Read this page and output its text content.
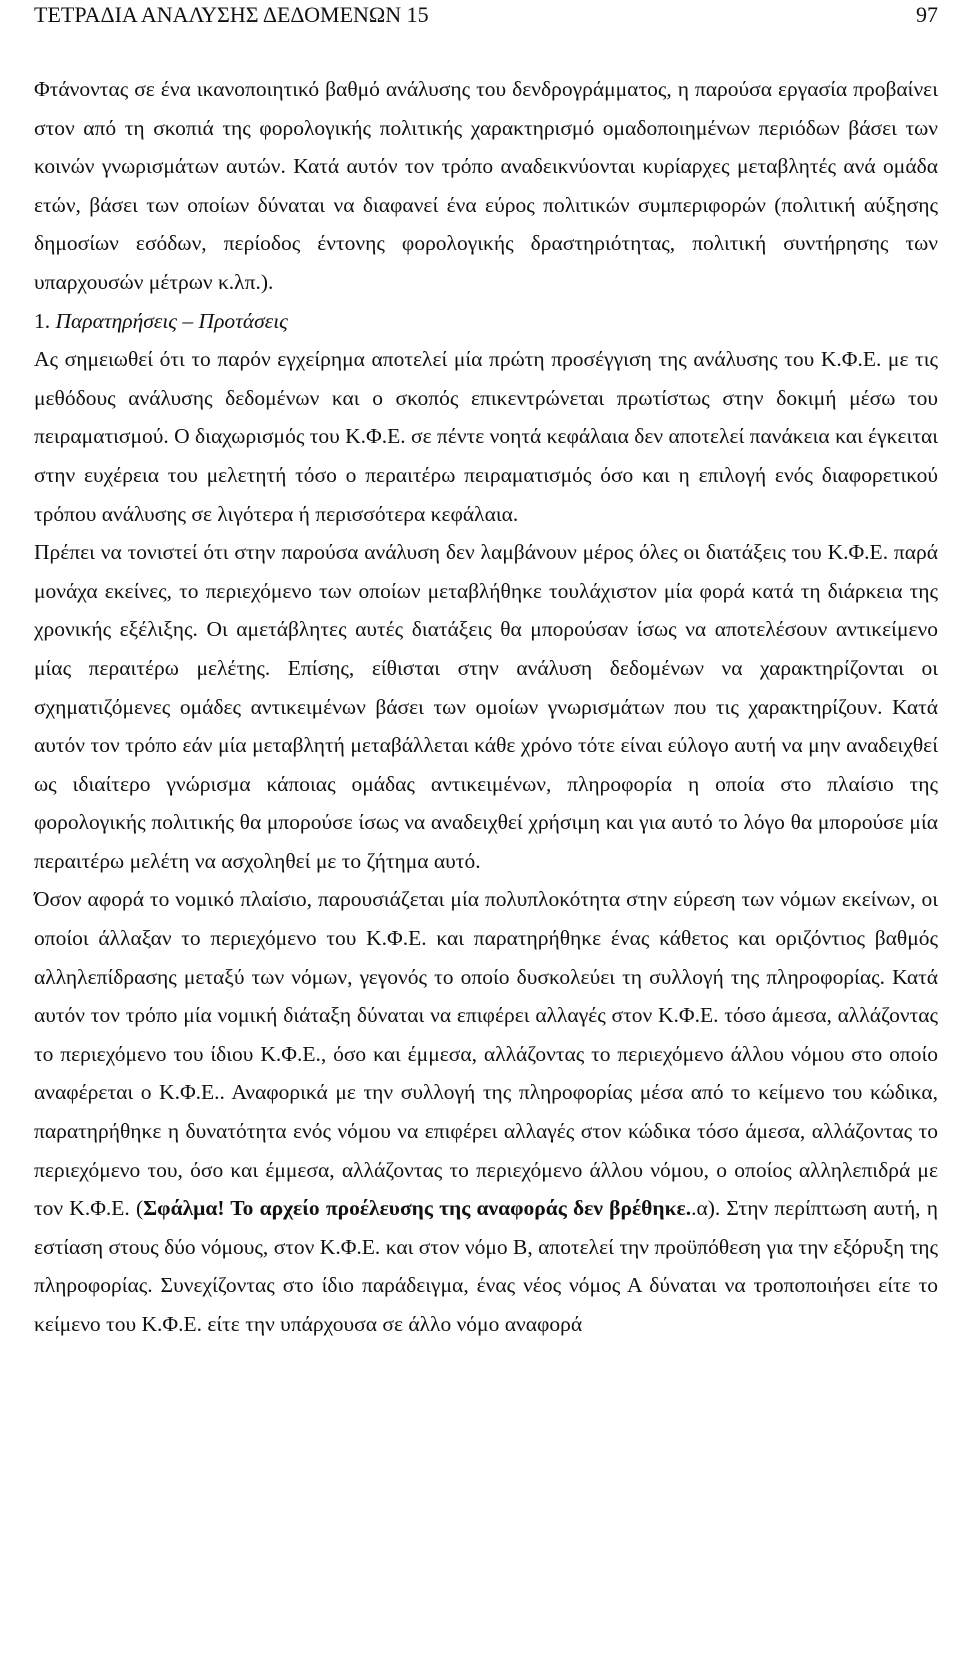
ΤΕΤΡΑΔΙΑ ΑΝΑΛΥΣΗΣ ΔΕΔΟΜΕΝΩΝ 15	97

Φτάνοντας σε ένα ικανοποιητικό βαθμό ανάλυσης του δενδρογράμματος, η παρούσα εργασία προβαίνει στον από τη σκοπιά της φορολογικής πολιτικής χαρακτηρισμό ομαδοποιημένων περιόδων βάσει των κοινών γνωρισμάτων αυτών. Κατά αυτόν τον τρόπο αναδεικνύονται κυρίαρχες μεταβλητές ανά ομάδα ετών, βάσει των οποίων δύναται να διαφανεί ένα εύρος πολιτικών συμπεριφορών (πολιτική αύξησης δημοσίων εσόδων, περίοδος έντονης φορολογικής δραστηριότητας, πολιτική συντήρησης των υπαρχουσών μέτρων κ.λπ.).

1. Παρατηρήσεις – Προτάσεις

Ας σημειωθεί ότι το παρόν εγχείρημα αποτελεί μία πρώτη προσέγγιση της ανάλυσης του Κ.Φ.Ε. με τις μεθόδους ανάλυσης δεδομένων και ο σκοπός επικεντρώνεται πρωτίστως στην δοκιμή μέσω του πειραματισμού. Ο διαχωρισμός του Κ.Φ.Ε. σε πέντε νοητά κεφάλαια δεν αποτελεί πανάκεια και έγκειται στην ευχέρεια του μελετητή τόσο ο περαιτέρω πειραματισμός όσο και η επιλογή ενός διαφορετικού τρόπου ανάλυσης σε λιγότερα ή περισσότερα κεφάλαια.

Πρέπει να τονιστεί ότι στην παρούσα ανάλυση δεν λαμβάνουν μέρος όλες οι διατάξεις του Κ.Φ.Ε. παρά μονάχα εκείνες, το περιεχόμενο των οποίων μεταβλήθηκε τουλάχιστον μία φορά κατά τη διάρκεια της χρονικής εξέλιξης. Οι αμετάβλητες αυτές διατάξεις θα μπορούσαν ίσως να αποτελέσουν αντικείμενο μίας περαιτέρω μελέτης. Επίσης, είθισται στην ανάλυση δεδομένων να χαρακτηρίζονται οι σχηματιζόμενες ομάδες αντικειμένων βάσει των ομοίων γνωρισμάτων που τις χαρακτηρίζουν. Κατά αυτόν τον τρόπο εάν μία μεταβλητή μεταβάλλεται κάθε χρόνο τότε είναι εύλογο αυτή να μην αναδειχθεί ως ιδιαίτερο γνώρισμα κάποιας ομάδας αντικειμένων, πληροφορία η οποία στο πλαίσιο της φορολογικής πολιτικής θα μπορούσε ίσως να αναδειχθεί χρήσιμη και για αυτό το λόγο θα μπορούσε μία περαιτέρω μελέτη να ασχοληθεί με το ζήτημα αυτό.

Όσον αφορά το νομικό πλαίσιο, παρουσιάζεται μία πολυπλοκότητα στην εύρεση των νόμων εκείνων, οι οποίοι άλλαξαν το περιεχόμενο του Κ.Φ.Ε. και παρατηρήθηκε ένας κάθετος και οριζόντιος βαθμός αλληλεπίδρασης μεταξύ των νόμων, γεγονός το οποίο δυσκολεύει τη συλλογή της πληροφορίας. Κατά αυτόν τον τρόπο μία νομική διάταξη δύναται να επιφέρει αλλαγές στον Κ.Φ.Ε. τόσο άμεσα, αλλάζοντας το περιεχόμενο του ίδιου Κ.Φ.Ε., όσο και έμμεσα, αλλάζοντας το περιεχόμενο άλλου νόμου στο οποίο αναφέρεται ο Κ.Φ.Ε.. Αναφορικά με την συλλογή της πληροφορίας μέσα από το κείμενο του κώδικα, παρατηρήθηκε η δυνατότητα ενός νόμου να επιφέρει αλλαγές στον κώδικα τόσο άμεσα, αλλάζοντας το περιεχόμενο του, όσο και έμμεσα, αλλάζοντας το περιεχόμενο άλλου νόμου, ο οποίος αλληλεπιδρά με τον Κ.Φ.Ε. (Σφάλμα! Το αρχείο προέλευσης της αναφοράς δεν βρέθηκε..α). Στην περίπτωση αυτή, η εστίαση στους δύο νόμους, στον Κ.Φ.Ε. και στον νόμο Β, αποτελεί την προϋπόθεση για την εξόρυξη της πληροφορίας. Συνεχίζοντας στο ίδιο παράδειγμα, ένας νέος νόμος Α δύναται να τροποποιήσει είτε το κείμενο του Κ.Φ.Ε. είτε την υπάρχουσα σε άλλο νόμο αναφορά
